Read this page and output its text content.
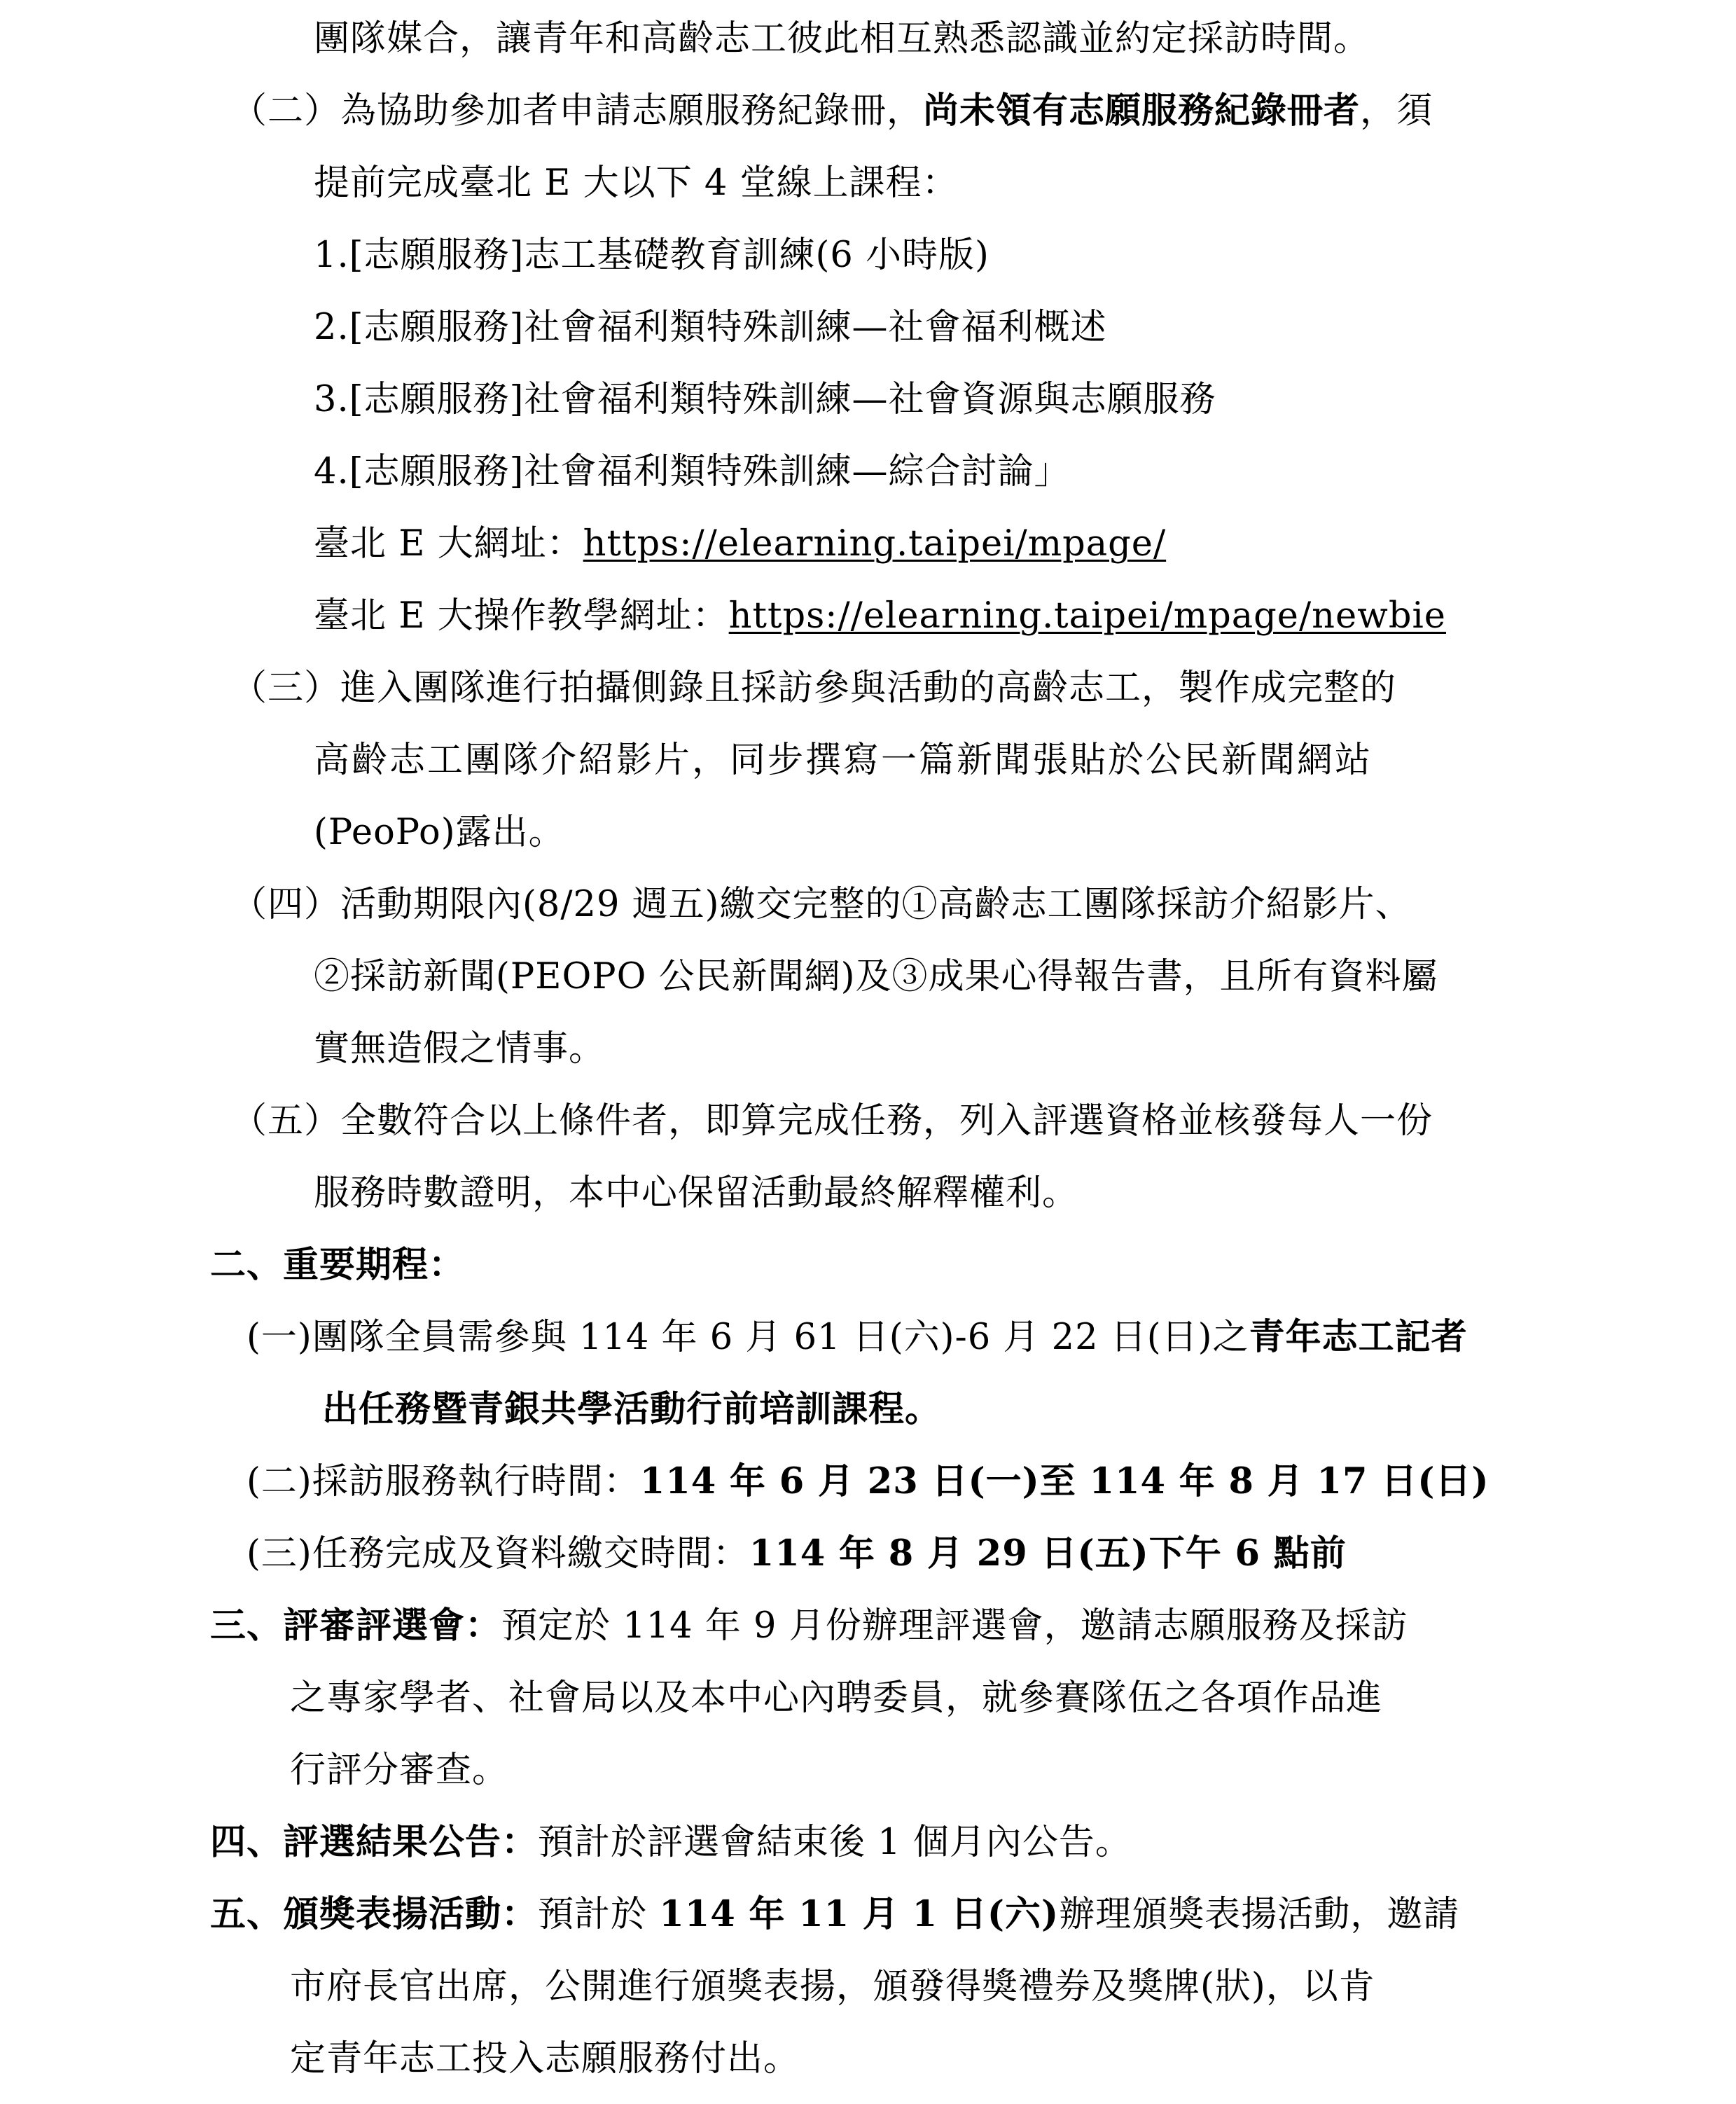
團隊媒合，讓青年和高齡志工彼此相互熟悉認識並約定採訪時間。
（二）為協助參加者申請志願服務紀錄冊，尚未領有志願服務紀錄冊者，須
提前完成臺北 E 大以下 4 堂線上課程：
1.[志願服務]志工基礎教育訓練(6 小時版)
2.[志願服務]社會福利類特殊訓練—社會福利概述
3.[志願服務]社會福利類特殊訓練—社會資源與志願服務
4.[志願服務]社會福利類特殊訓練—綜合討論」
臺北 E 大網址：https://elearning.taipei/mpage/
臺北 E 大操作教學網址：https://elearning.taipei/mpage/newbie
（三）進入團隊進行拍攝側錄且採訪參與活動的高齡志工，製作成完整的
高齡志工團隊介紹影片，同步撰寫一篇新聞張貼於公民新聞網站
(PeoPo)露出。
（四）活動期限內(8/29 週五)繳交完整的①高齡志工團隊採訪介紹影片、
②採訪新聞(PEOPO 公民新聞網)及③成果心得報告書，且所有資料屬
實無造假之情事。
（五）全數符合以上條件者，即算完成任務，列入評選資格並核發每人一份
服務時數證明，本中心保留活動最終解釋權利。
二、重要期程：
(一)團隊全員需參與 114 年 6 月 61 日(六)-6 月 22 日(日)之青年志工記者
出任務暨青銀共學活動行前培訓課程。
(二)採訪服務執行時間：114 年 6 月 23 日(一)至 114 年 8 月 17 日(日)
(三)任務完成及資料繳交時間：114 年 8 月 29 日(五)下午 6 點前
三、評審評選會：預定於 114 年 9 月份辦理評選會，邀請志願服務及採訪
之專家學者、社會局以及本中心內聘委員，就參賽隊伍之各項作品進
行評分審查。
四、評選結果公告：預計於評選會結束後 1 個月內公告。
五、頒獎表揚活動：預計於 114 年 11 月 1 日(六)辦理頒獎表揚活動，邀請
市府長官出席，公開進行頒獎表揚，頒發得獎禮券及獎牌(狀)，以肯
定青年志工投入志願服務付出。
